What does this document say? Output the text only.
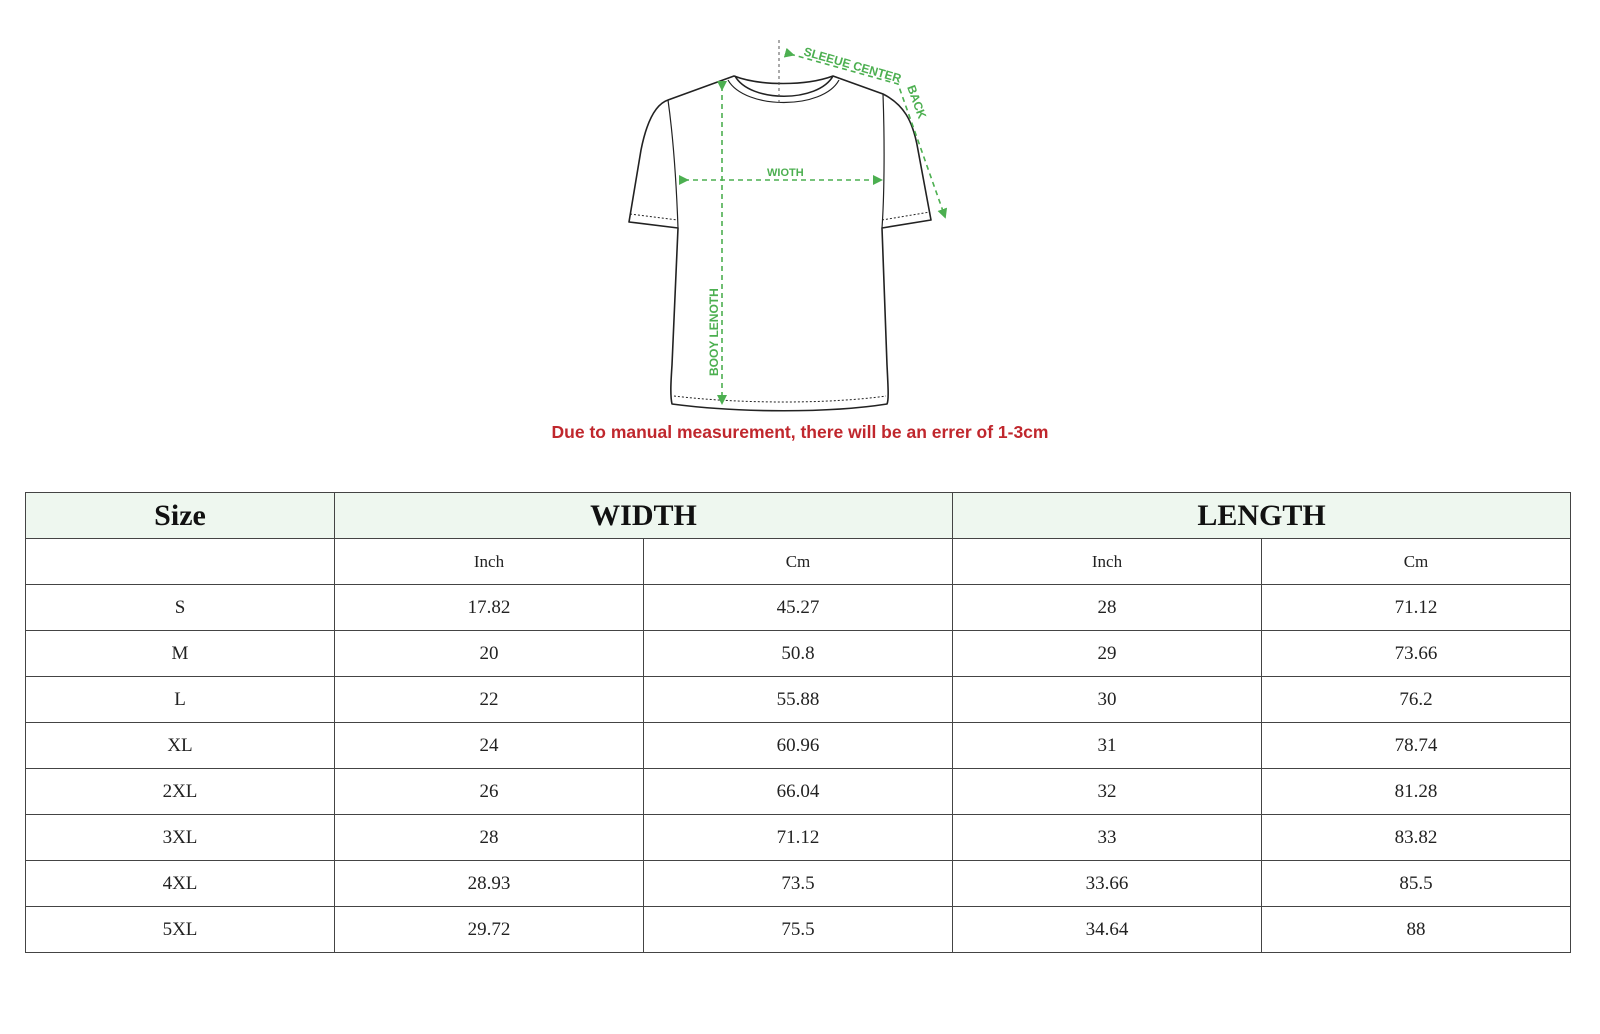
SLEEUE CENTER
BACK
WIOTH
BOOY LENOTH
Due to manual measurement, there will be an errer of 1-3cm
Size	WIDTH		LENGTH	
	Inch	Cm	Inch	Cm
S	17.82	45.27	28	71.12
M	20	50.8	29	73.66
L	22	55.88	30	76.2
XL	24	60.96	31	78.74
2XL	26	66.04	32	81.28
3XL	28	71.12	33	83.82
4XL	28.93	73.5	33.66	85.5
5XL	29.72	75.5	34.64	88
